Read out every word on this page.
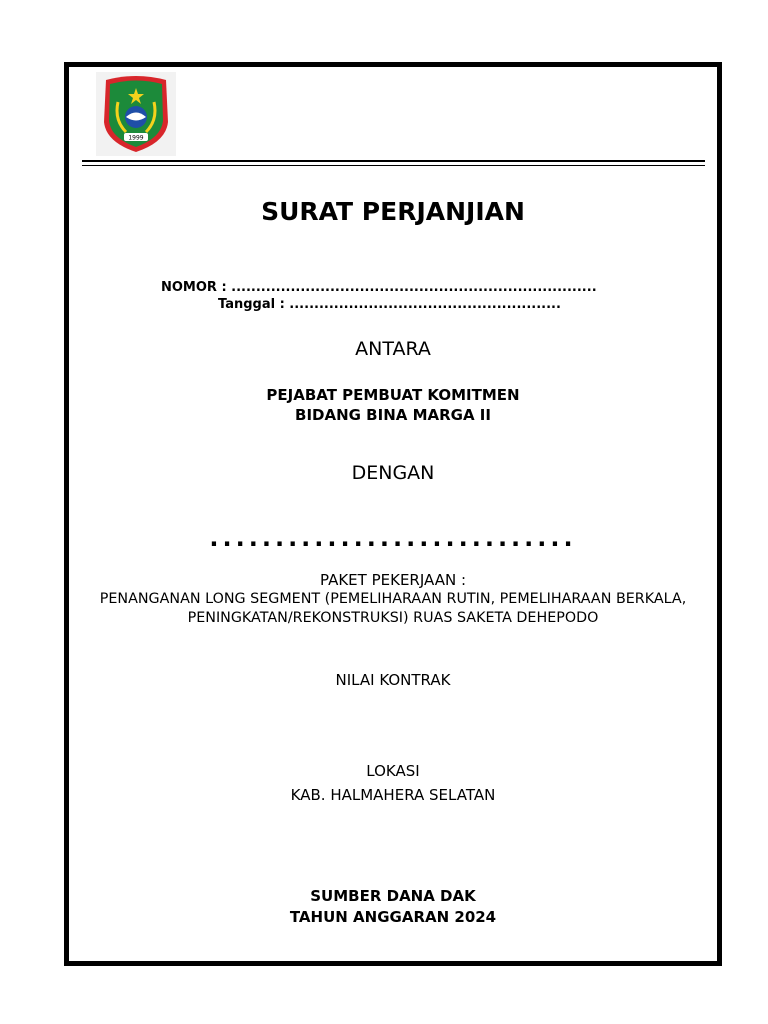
1999
SURAT PERJANJIAN
NOMOR : ..........................................................................
Tanggal : .......................................................
ANTARA
PEJABAT PEMBUAT KOMITMEN
BIDANG BINA MARGA II
DENGAN
............................
PAKET PEKERJAAN :
PENANGANAN LONG SEGMENT (PEMELIHARAAN RUTIN, PEMELIHARAAN BERKALA,
PENINGKATAN/REKONSTRUKSI) RUAS SAKETA DEHEPODO
NILAI KONTRAK
LOKASI
KAB. HALMAHERA SELATAN
SUMBER DANA DAK
TAHUN ANGGARAN 2024
